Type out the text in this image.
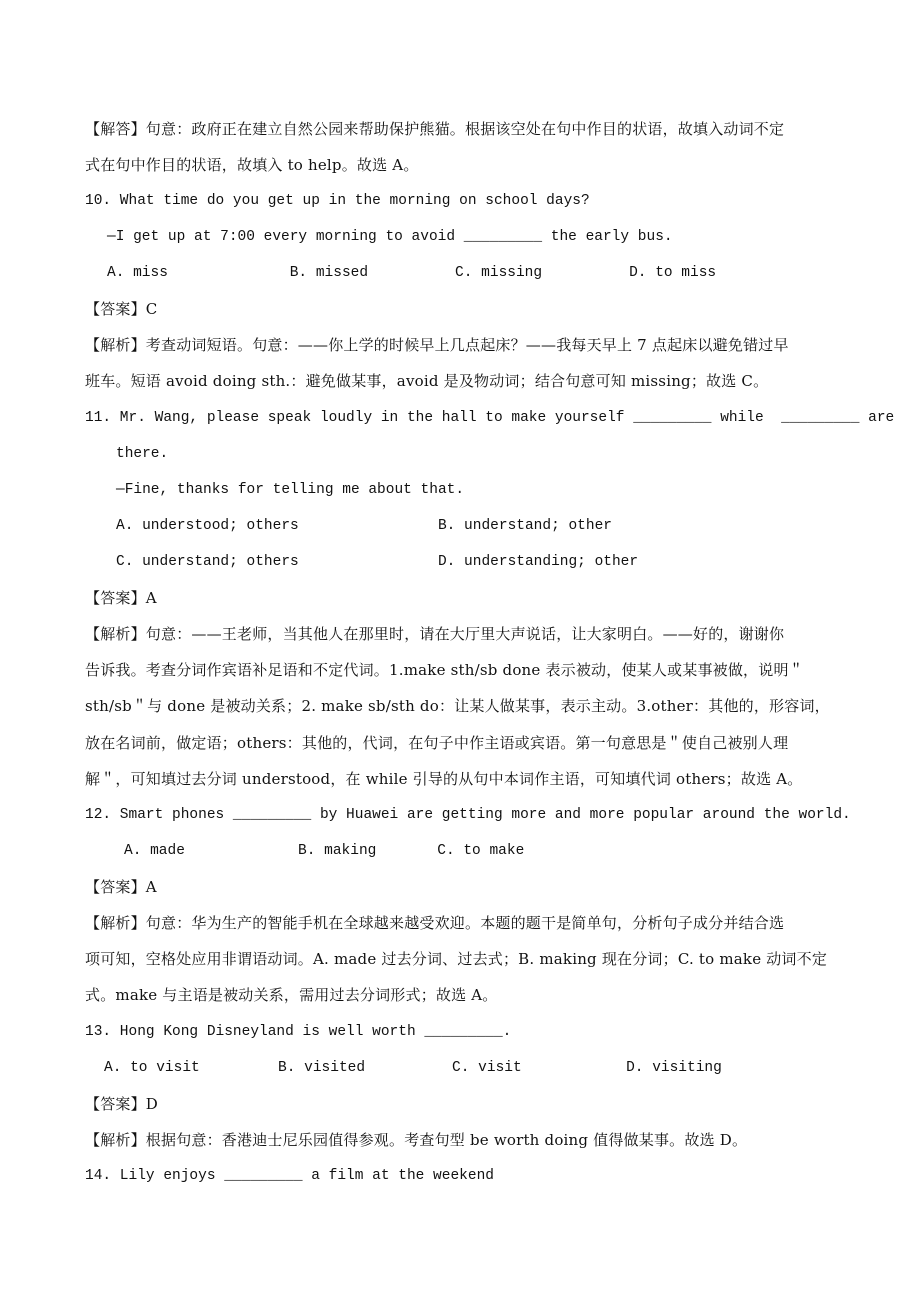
【解答】句意：政府正在建立自然公园来帮助保护熊猫。根据该空处在句中作目的状语，故填入动词不定
式在句中作目的状语，故填入 to help。故选 A。
10. What time do you get up in the morning on school days?
—I get up at 7:00 every morning to avoid _________ the early bus.
A. miss              B. missed          C. missing          D. to miss
【答案】C
【解析】考查动词短语。句意：——你上学的时候早上几点起床？——我每天早上 7 点起床以避免错过早
班车。短语 avoid doing sth.：避免做某事，avoid 是及物动词；结合句意可知 missing；故选 C。
11. Mr. Wang, please speak loudly in the hall to make yourself _________ while  _________ are
there.
—Fine, thanks for telling me about that.
A. understood; others                B. understand; other
C. understand; others                D. understanding; other
【答案】A
【解析】句意：——王老师，当其他人在那里时，请在大厅里大声说话，让大家明白。——好的，谢谢你
告诉我。考查分词作宾语补足语和不定代词。1.make sth/sb done 表示被动，使某人或某事被做，说明＂
sth/sb＂与 done 是被动关系；2. make sb/sth do：让某人做某事，表示主动。3.other：其他的，形容词，
放在名词前，做定语；others：其他的，代词，在句子中作主语或宾语。第一句意思是＂使自己被别人理
解＂，可知填过去分词 understood，在 while 引导的从句中本词作主语，可知填代词 others；故选 A。
12. Smart phones _________ by Huawei are getting more and more popular around the world.
A. made             B. making       C. to make
【答案】A
【解析】句意：华为生产的智能手机在全球越来越受欢迎。本题的题干是简单句，分析句子成分并结合选
项可知，空格处应用非谓语动词。A. made 过去分词、过去式；B. making 现在分词；C. to make 动词不定
式。make 与主语是被动关系，需用过去分词形式；故选 A。
13. Hong Kong Disneyland is well worth _________.
A. to visit         B. visited          C. visit            D. visiting
【答案】D
【解析】根据句意：香港迪士尼乐园值得参观。考查句型 be worth doing 值得做某事。故选 D。
14. Lily enjoys _________ a film at the weekend
